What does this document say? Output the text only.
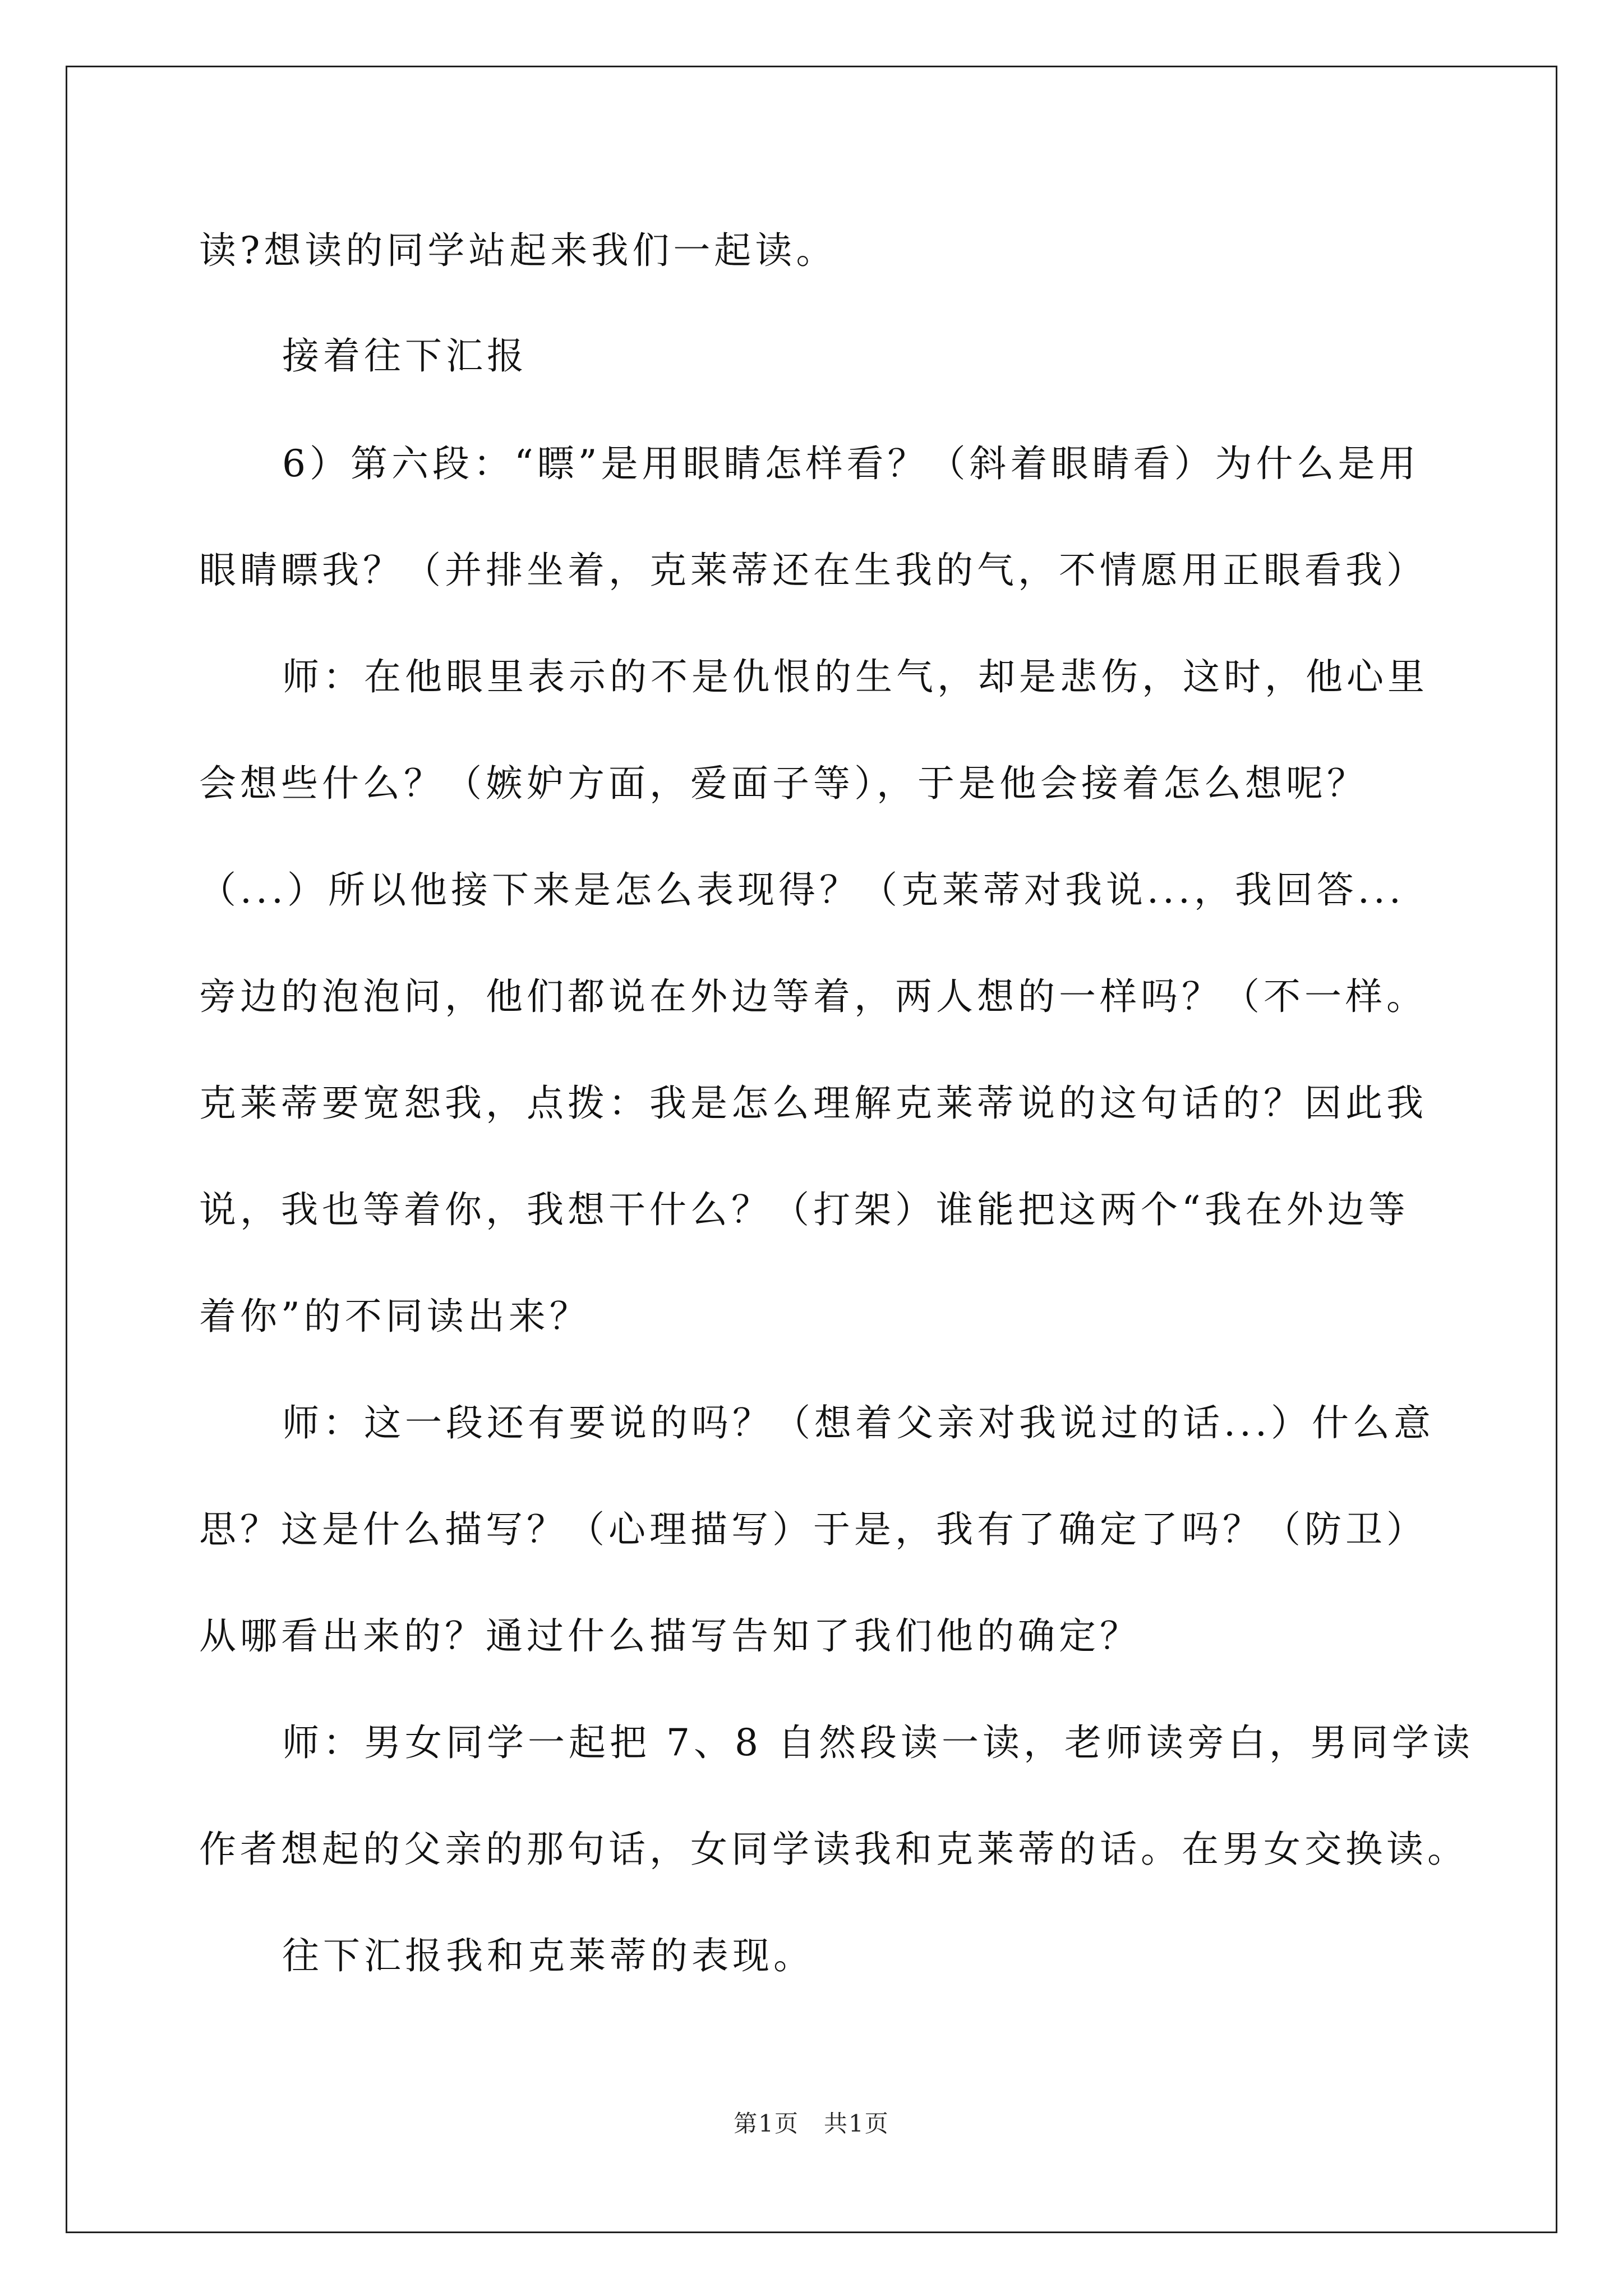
读?想读的同学站起来我们一起读。

接着往下汇报

6）第六段：“瞟”是用眼睛怎样看？（斜着眼睛看）为什么是用

眼睛瞟我？（并排坐着，克莱蒂还在生我的气，不情愿用正眼看我）

师：在他眼里表示的不是仇恨的生气，却是悲伤，这时，他心里

会想些什么？（嫉妒方面，爱面子等），于是他会接着怎么想呢？

（...）所以他接下来是怎么表现得？（克莱蒂对我说...，我回答...

旁边的泡泡问，他们都说在外边等着，两人想的一样吗？（不一样。

克莱蒂要宽恕我，点拨：我是怎么理解克莱蒂说的这句话的？因此我

说，我也等着你，我想干什么？（打架）谁能把这两个“我在外边等

着你”的不同读出来？

师：这一段还有要说的吗？（想着父亲对我说过的话...）什么意

思？这是什么描写？（心理描写）于是，我有了确定了吗？（防卫）

从哪看出来的？通过什么描写告知了我们他的确定？

师：男女同学一起把 7、8 自然段读一读，老师读旁白，男同学读

作者想起的父亲的那句话，女同学读我和克莱蒂的话。在男女交换读。

往下汇报我和克莱蒂的表现。

第1页　共1页
